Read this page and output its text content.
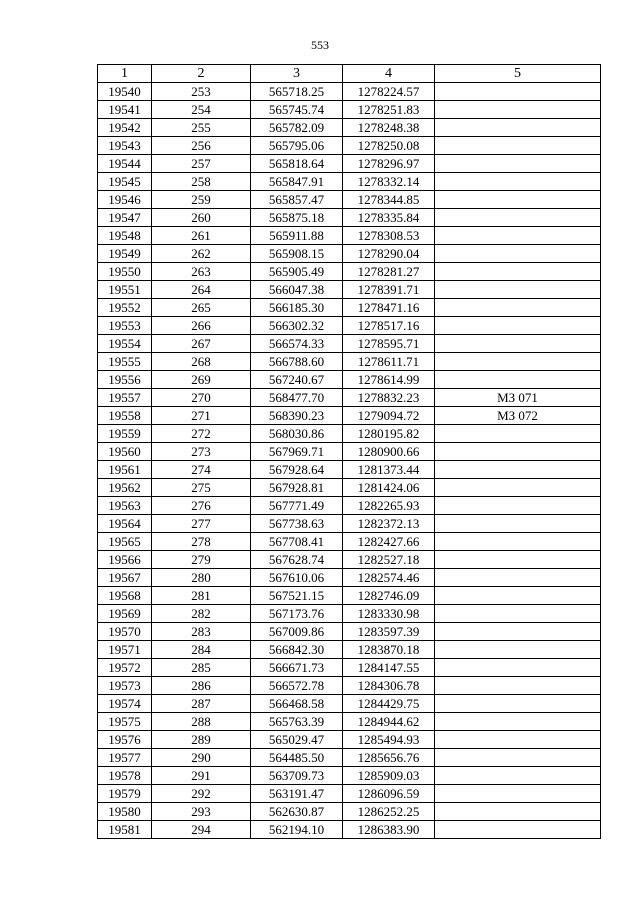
553
1	2	3	4	5
19540	253	565718.25	1278224.57	
19541	254	565745.74	1278251.83	
19542	255	565782.09	1278248.38	
19543	256	565795.06	1278250.08	
19544	257	565818.64	1278296.97	
19545	258	565847.91	1278332.14	
19546	259	565857.47	1278344.85	
19547	260	565875.18	1278335.84	
19548	261	565911.88	1278308.53	
19549	262	565908.15	1278290.04	
19550	263	565905.49	1278281.27	
19551	264	566047.38	1278391.71	
19552	265	566185.30	1278471.16	
19553	266	566302.32	1278517.16	
19554	267	566574.33	1278595.71	
19555	268	566788.60	1278611.71	
19556	269	567240.67	1278614.99	
19557	270	568477.70	1278832.23	МЗ 071
19558	271	568390.23	1279094.72	МЗ 072
19559	272	568030.86	1280195.82	
19560	273	567969.71	1280900.66	
19561	274	567928.64	1281373.44	
19562	275	567928.81	1281424.06	
19563	276	567771.49	1282265.93	
19564	277	567738.63	1282372.13	
19565	278	567708.41	1282427.66	
19566	279	567628.74	1282527.18	
19567	280	567610.06	1282574.46	
19568	281	567521.15	1282746.09	
19569	282	567173.76	1283330.98	
19570	283	567009.86	1283597.39	
19571	284	566842.30	1283870.18	
19572	285	566671.73	1284147.55	
19573	286	566572.78	1284306.78	
19574	287	566468.58	1284429.75	
19575	288	565763.39	1284944.62	
19576	289	565029.47	1285494.93	
19577	290	564485.50	1285656.76	
19578	291	563709.73	1285909.03	
19579	292	563191.47	1286096.59	
19580	293	562630.87	1286252.25	
19581	294	562194.10	1286383.90	
